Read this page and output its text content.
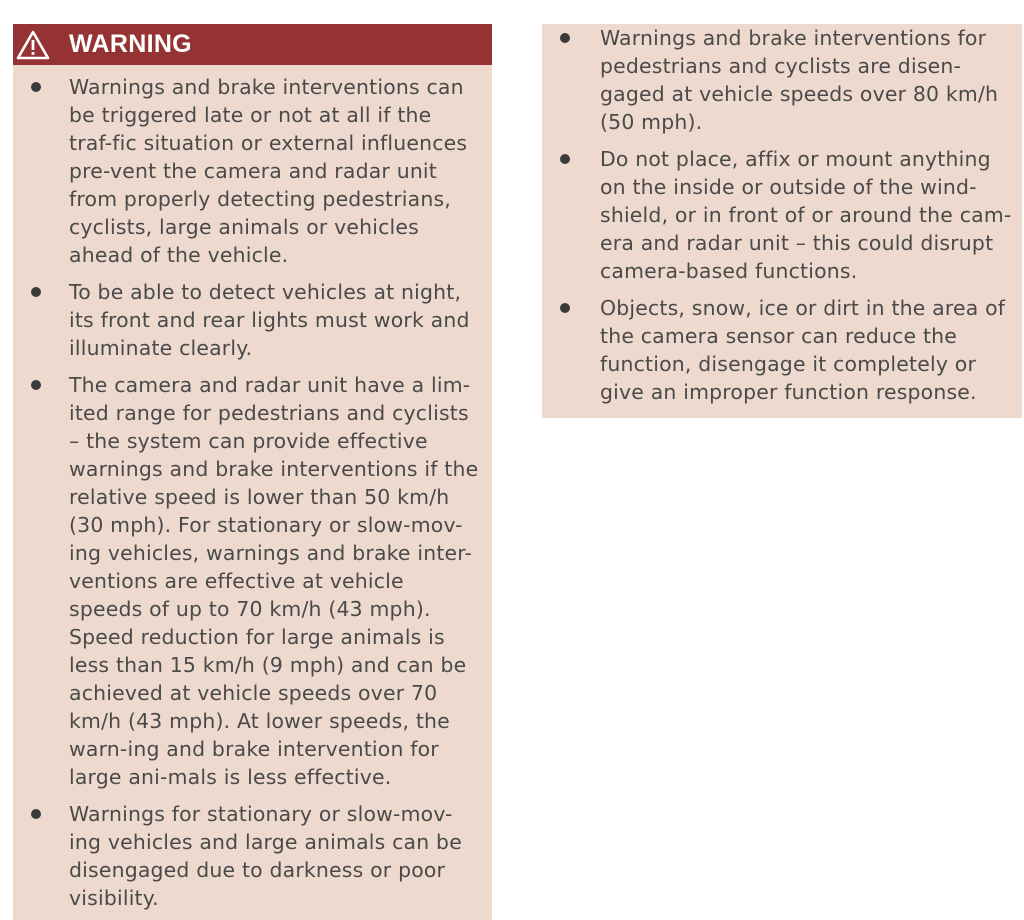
WARNING
Warnings and brake interventions can be triggered late or not at all if the traf-fic situation or external influences pre-vent the camera and radar unit from properly detecting pedestrians, cyclists, large animals or vehicles ahead of the vehicle.
To be able to detect vehicles at night, its front and rear lights must work and illuminate clearly.
The camera and radar unit have a lim-ited range for pedestrians and cyclists – the system can provide effective warnings and brake interventions if the relative speed is lower than 50 km/h (30 mph). For stationary or slow-mov-ing vehicles, warnings and brake inter-ventions are effective at vehicle speeds of up to 70 km/h (43 mph). Speed reduction for large animals is less than 15 km/h (9 mph) and can be achieved at vehicle speeds over 70 km/h (43 mph). At lower speeds, the warn-ing and brake intervention for large ani-mals is less effective.
Warnings for stationary or slow-mov-ing vehicles and large animals can be disengaged due to darkness or poor visibility.
Warnings and brake interventions for pedestrians and cyclists are disen-gaged at vehicle speeds over 80 km/h (50 mph).
Do not place, affix or mount anything on the inside or outside of the wind-shield, or in front of or around the cam-era and radar unit – this could disrupt camera-based functions.
Objects, snow, ice or dirt in the area of the camera sensor can reduce the function, disengage it completely or give an improper function response.
